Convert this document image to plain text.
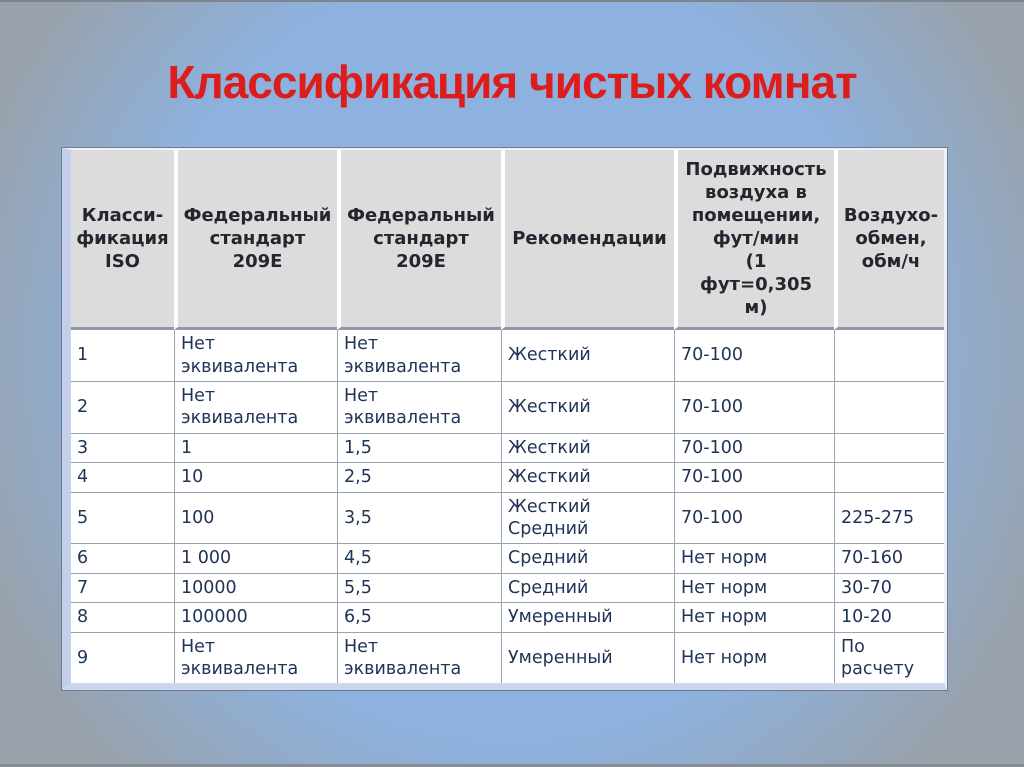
Классификация чистых комнат
Класси-
фикация
ISO	Федеральный
стандарт
209E	Федеральный
стандарт
209E	Рекомендации	Подвижность
воздуха в
помещении,
фут/мин
(1
фут=0,305
м)	Воздухо-
обмен,
обм/ч
1	Нет
эквивалента	Нет
эквивалента	Жесткий	70-100	
2	Нет
эквивалента	Нет
эквивалента	Жесткий	70-100	
3	1	1,5	Жесткий	70-100	
4	10	2,5	Жесткий	70-100	
5	100	3,5	Жесткий
Средний	70-100	225-275
6	1 000	4,5	Средний	Нет норм	70-160
7	10000	5,5	Средний	Нет норм	30-70
8	100000	6,5	Умеренный	Нет норм	10-20
9	Нет
эквивалента	Нет
эквивалента	Умеренный	Нет норм	По
расчету
